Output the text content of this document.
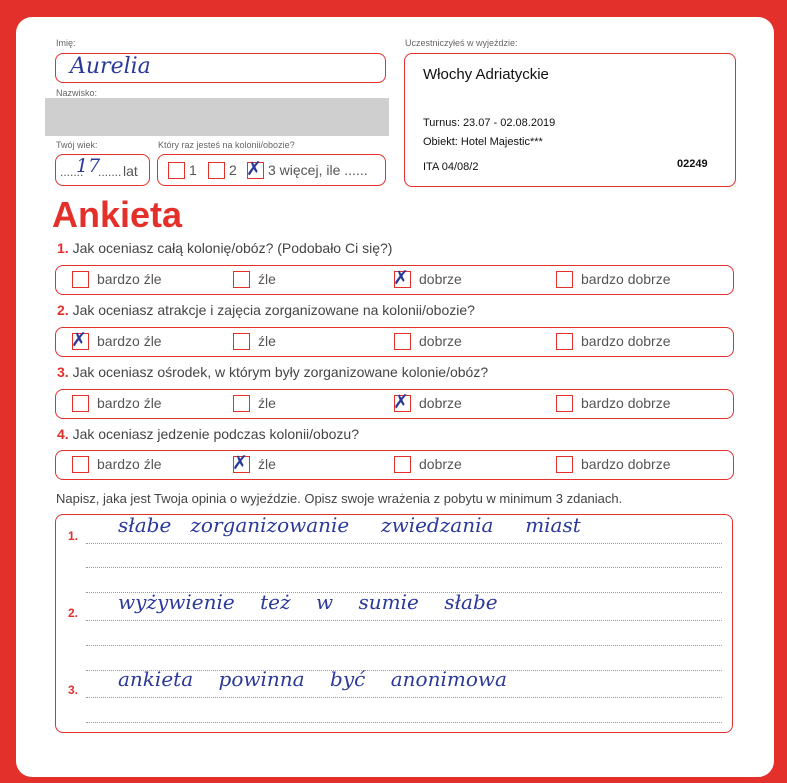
Imię:
Aurelia
Nazwisko:
Twój wiek:
.......
17
....... lat
Który raz jesteś na kolonii/obozie?
1 2 ✗ 3 więcej, ile ......
Uczestniczyłeś w wyjeździe:
Włochy Adriatyckie
Turnus: 23.07 - 02.08.2019
Obiekt: Hotel Majestic***
ITA 04/08/2	02249
Ankieta
1. Jak oceniasz całą kolonię/obóz? (Podobało Ci się?)
bardzo źle	źle	✗ dobrze	bardzo dobrze
2. Jak oceniasz atrakcje i zajęcia zorganizowane na kolonii/obozie?
✗ bardzo źle	źle	dobrze	bardzo dobrze
3. Jak oceniasz ośrodek, w którym były zorganizowane kolonie/obóz?
bardzo źle	źle	✗ dobrze	bardzo dobrze
4. Jak oceniasz jedzenie podczas kolonii/obozu?
bardzo źle	✗ źle	dobrze	bardzo dobrze
Napisz, jaka jest Twoja opinia o wyjeździe. Opisz swoje wrażenia z pobytu w minimum 3 zdaniach.
1. słabe   zorganizowanie     zwiedzania     miast
2. wyżywienie    też    w    sumie    słabe
3. ankieta    powinna    być    anonimowa
